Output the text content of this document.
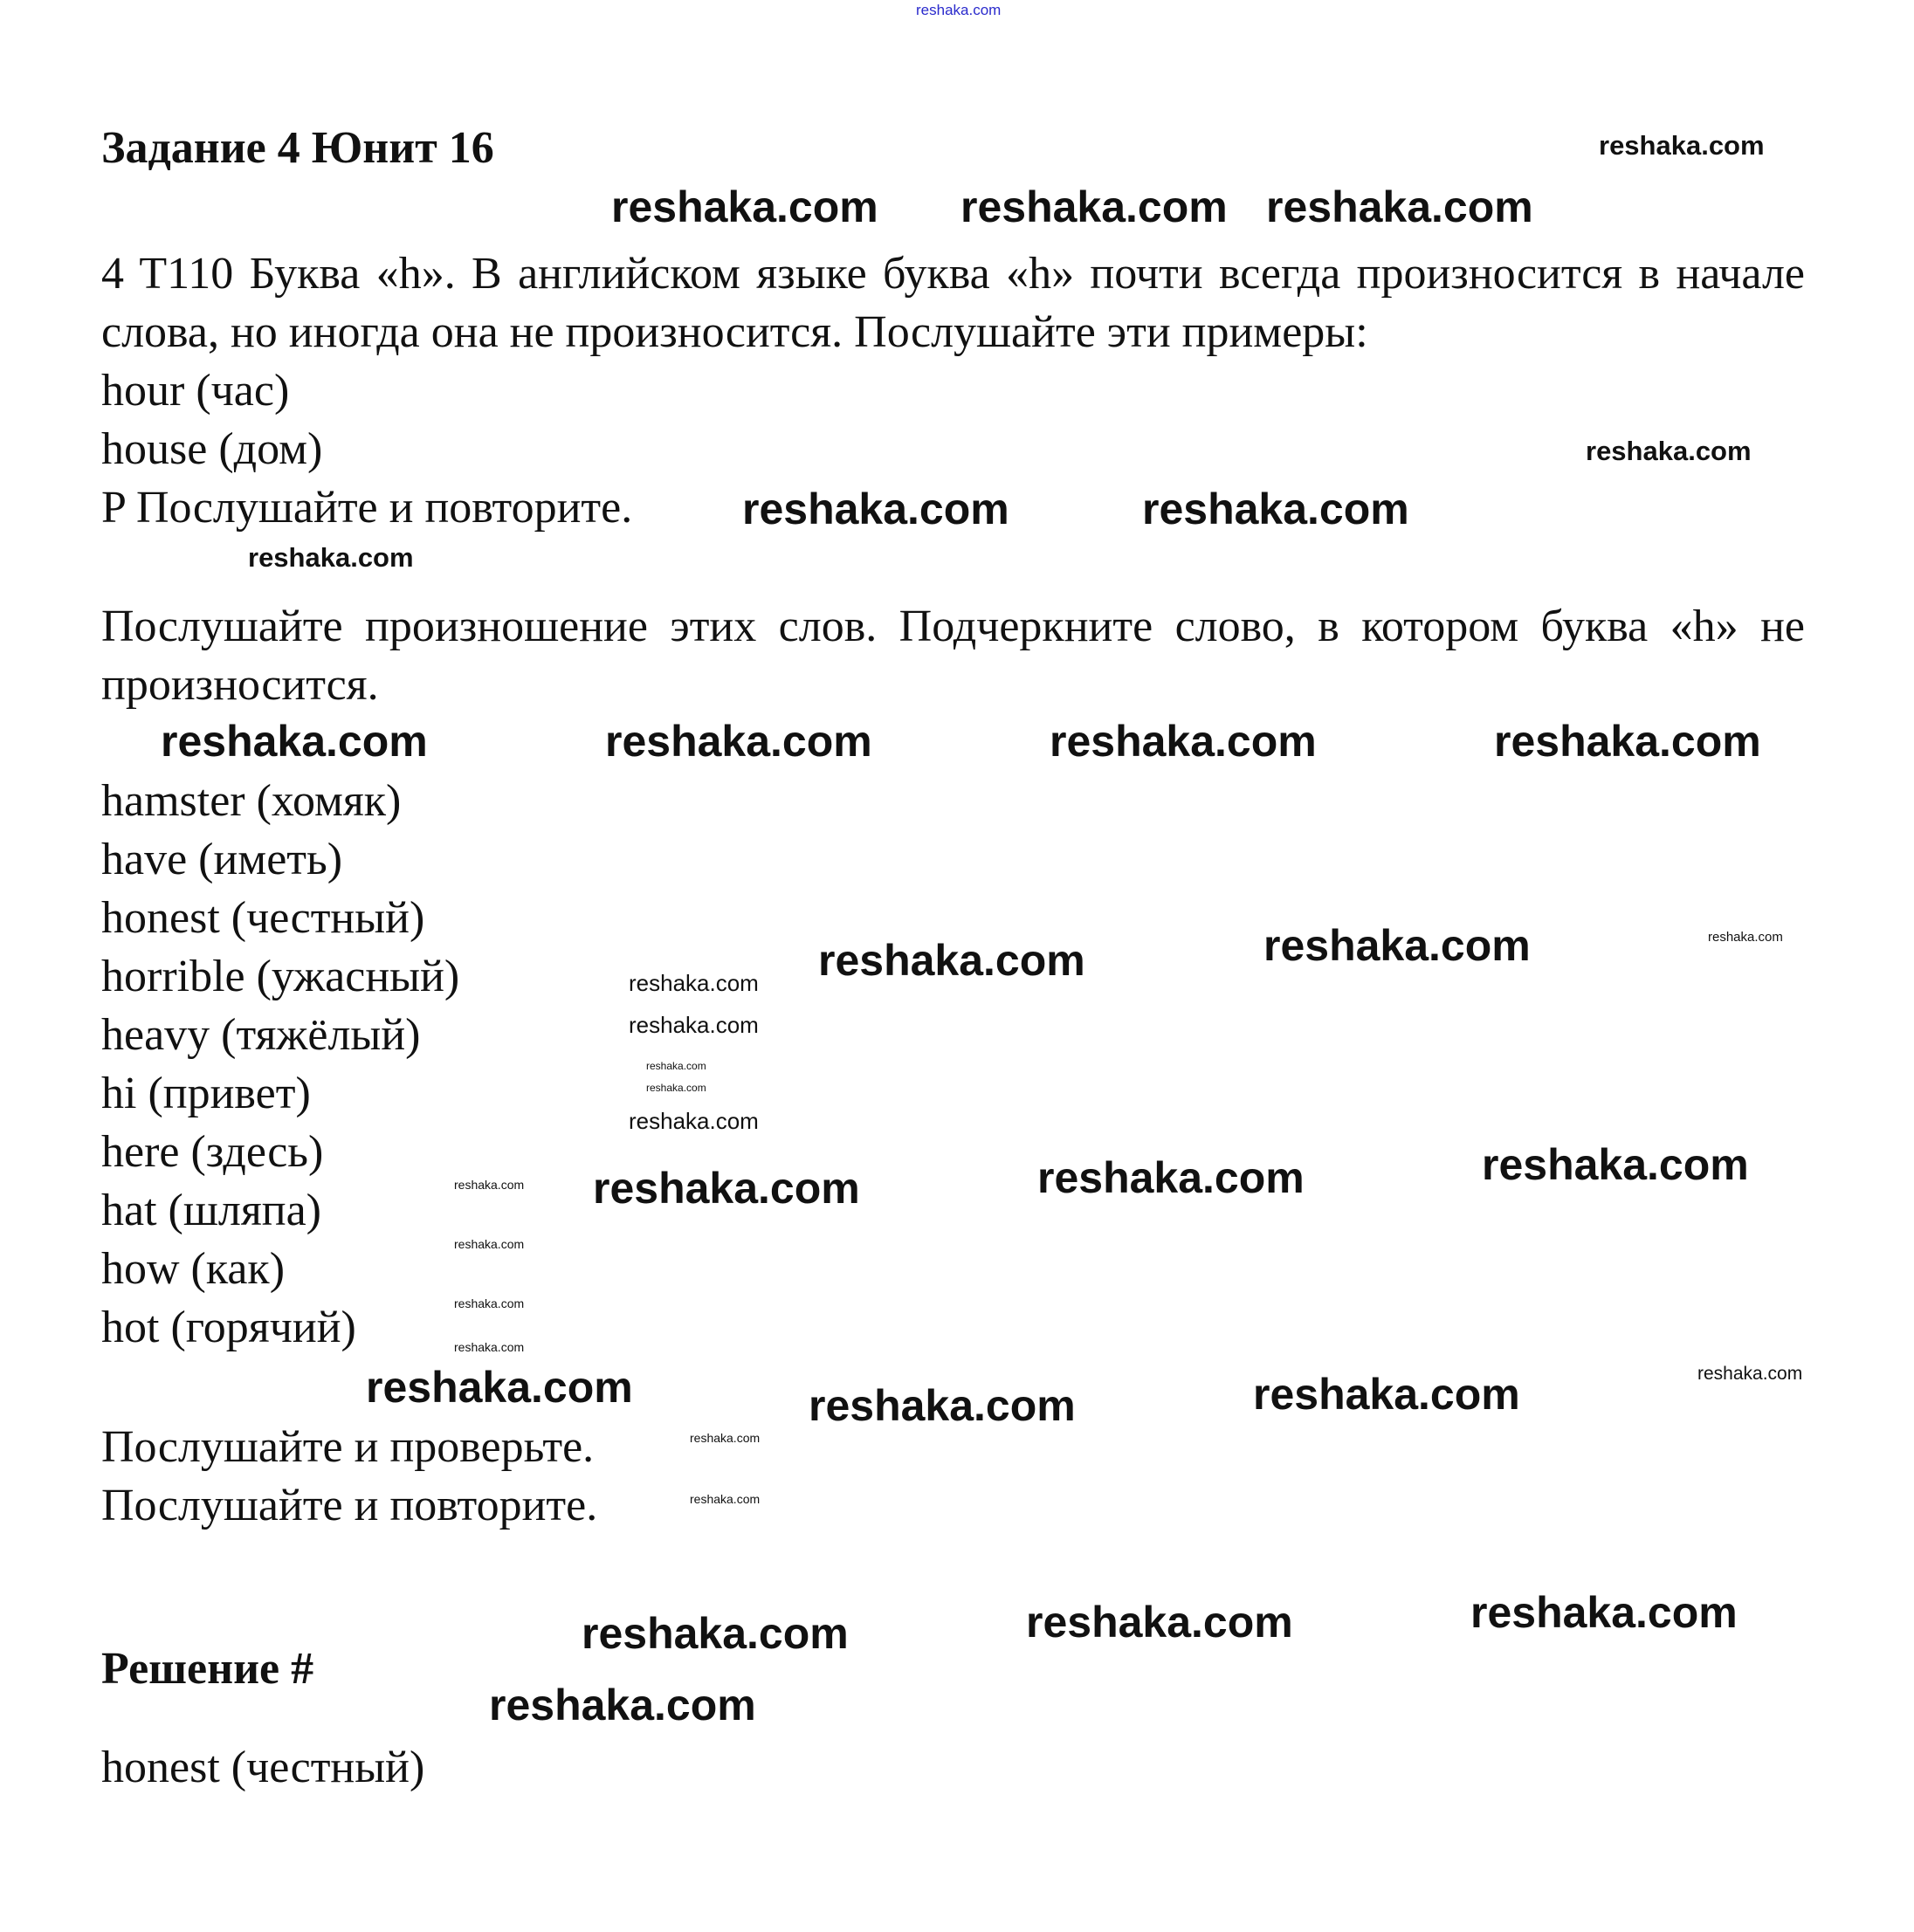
reshaka.com
Задание 4 Юнит 16
4 T110 Буква «h». В английском языке буква «h» почти всегда произносится в начале слова, но иногда она не произносится. Послушайте эти примеры:
hour (час)
house (дом)
P Послушайте и повторите.
Послушайте произношение этих слов. Подчеркните слово, в котором буква «h» не произносится.
hamster (хомяк)
have (иметь)
honest (честный)
horrible (ужасный)
heavy (тяжёлый)
hi (привет)
here (здесь)
hat (шляпа)
how (как)
hot (горячий)
Послушайте и проверьте.
Послушайте и повторите.
Решение #
honest (честный)
reshaka.com reshaka.com reshaka.com
reshaka.com	reshaka.com
reshaka.com	reshaka.com	reshaka.com	reshaka.com
reshaka.com	reshaka.com
reshaka.com	reshaka.com	reshaka.com
reshaka.com	reshaka.com	reshaka.com
reshaka.com	reshaka.com	reshaka.com
reshaka.com
reshaka.com
reshaka.com
reshaka.com
reshaka.com
reshaka.com
reshaka.com
reshaka.com
reshaka.com
reshaka.com
reshaka.com
reshaka.com
reshaka.com
reshaka.com
reshaka.com
reshaka.com
reshaka.com
